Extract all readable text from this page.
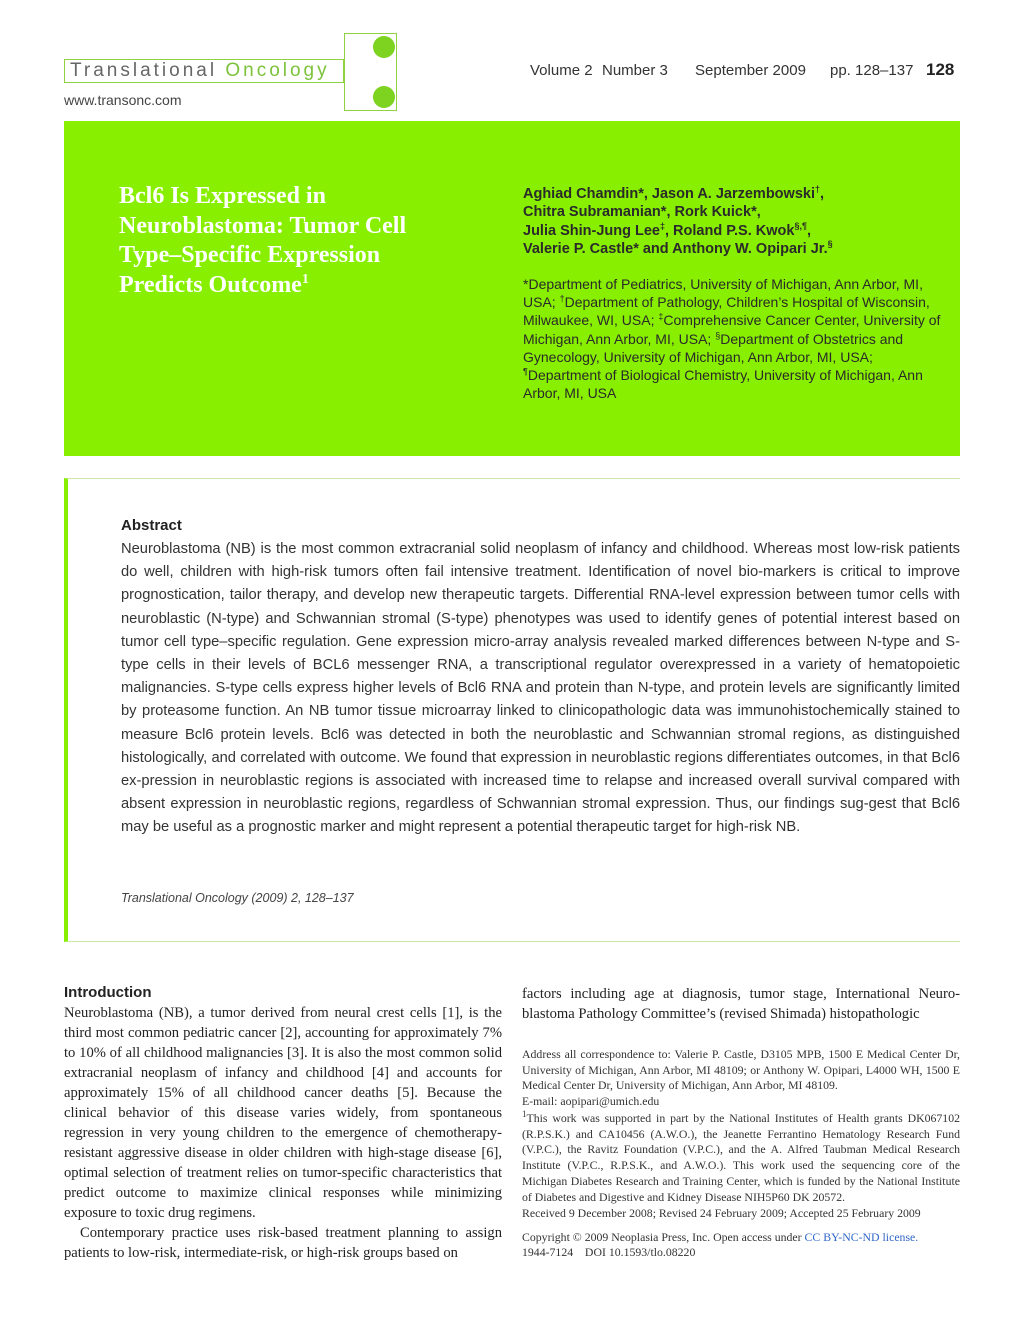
Translational Oncology
www.transonc.com
Volume 2 Number 3 September 2009 pp. 128–137 128
Bcl6 Is Expressed in
Neuroblastoma: Tumor Cell
Type–Specific Expression
Predicts Outcome$^1$
Aghiad Chamdin*, Jason A. Jarzembowski†,
Chitra Subramanian*, Rork Kuick*,
Julia Shin-Jung Lee‡, Roland P.S. Kwok§,¶,
Valerie P. Castle* and Anthony W. Opipari Jr.§
*Department of Pediatrics, University of Michigan, Ann Arbor, MI, USA; †Department of Pathology, Children’s Hospital of Wisconsin, Milwaukee, WI, USA; ‡Comprehensive Cancer Center, University of Michigan, Ann Arbor, MI, USA; §Department of Obstetrics and Gynecology, University of Michigan, Ann Arbor, MI, USA; ¶Department of Biological Chemistry, University of Michigan, Ann Arbor, MI, USA
Abstract

Neuroblastoma (NB) is the most common extracranial solid neoplasm of infancy and childhood. Whereas most low-risk patients do well, children with high-risk tumors often fail intensive treatment. Identification of novel bio-markers is critical to improve prognostication, tailor therapy, and develop new therapeutic targets. Differential RNA-level expression between tumor cells with neuroblastic (N-type) and Schwannian stromal (S-type) phenotypes was used to identify genes of potential interest based on tumor cell type–specific regulation. Gene expression micro-array analysis revealed marked differences between N-type and S-type cells in their levels of BCL6 messenger RNA, a transcriptional regulator overexpressed in a variety of hematopoietic malignancies. S-type cells express higher levels of Bcl6 RNA and protein than N-type, and protein levels are significantly limited by proteasome function. An NB tumor tissue microarray linked to clinicopathologic data was immunohistochemically stained to measure Bcl6 protein levels. Bcl6 was detected in both the neuroblastic and Schwannian stromal regions, as distinguished histologically, and correlated with outcome. We found that expression in neuroblastic regions differentiates outcomes, in that Bcl6 ex-pression in neuroblastic regions is associated with increased time to relapse and increased overall survival compared with absent expression in neuroblastic regions, regardless of Schwannian stromal expression. Thus, our findings sug-gest that Bcl6 may be useful as a prognostic marker and might represent a potential therapeutic target for high-risk NB.

Translational Oncology (2009) 2, 128–137
Introduction

Neuroblastoma (NB), a tumor derived from neural crest cells [1], is the third most common pediatric cancer [2], accounting for approximately 7% to 10% of all childhood malignancies [3]. It is also the most common solid extracranial neoplasm of infancy and childhood [4] and accounts for approximately 15% of all childhood cancer deaths [5]. Because the clinical behavior of this disease varies widely, from spontaneous regression in very young children to the emergence of chemotherapy-resistant aggressive disease in older children with high-stage disease [6], optimal selection of treatment relies on tumor-specific characteristics that predict outcome to maximize clinical responses while minimizing exposure to toxic drug regimens.

Contemporary practice uses risk-based treatment planning to assign patients to low-risk, intermediate-risk, or high-risk groups based on

factors including age at diagnosis, tumor stage, International Neuro-blastoma Pathology Committee’s (revised Shimada) histopathologic

Address all correspondence to: Valerie P. Castle, D3105 MPB, 1500 E Medical Center Dr, University of Michigan, Ann Arbor, MI 48109; or Anthony W. Opipari, L4000 WH, 1500 E Medical Center Dr, University of Michigan, Ann Arbor, MI 48109.

E-mail: aopipari@umich.edu

$^1$This work was supported in part by the National Institutes of Health grants DK067102 (R.P.S.K.) and CA10456 (A.W.O.), the Jeanette Ferrantino Hematology Research Fund (V.P.C.), the Ravitz Foundation (V.P.C.), and the A. Alfred Taubman Medical Research Institute (V.P.C., R.P.S.K., and A.W.O.). This work used the sequencing core of the Michigan Diabetes Research and Training Center, which is funded by the National Institute of Diabetes and Digestive and Kidney Disease NIH5P60 DK 20572.

Received 9 December 2008; Revised 24 February 2009; Accepted 25 February 2009

Copyright © 2009 Neoplasia Press, Inc. Open access under CC BY-NC-ND license.

1944-7124 DOI 10.1593/tlo.08220
